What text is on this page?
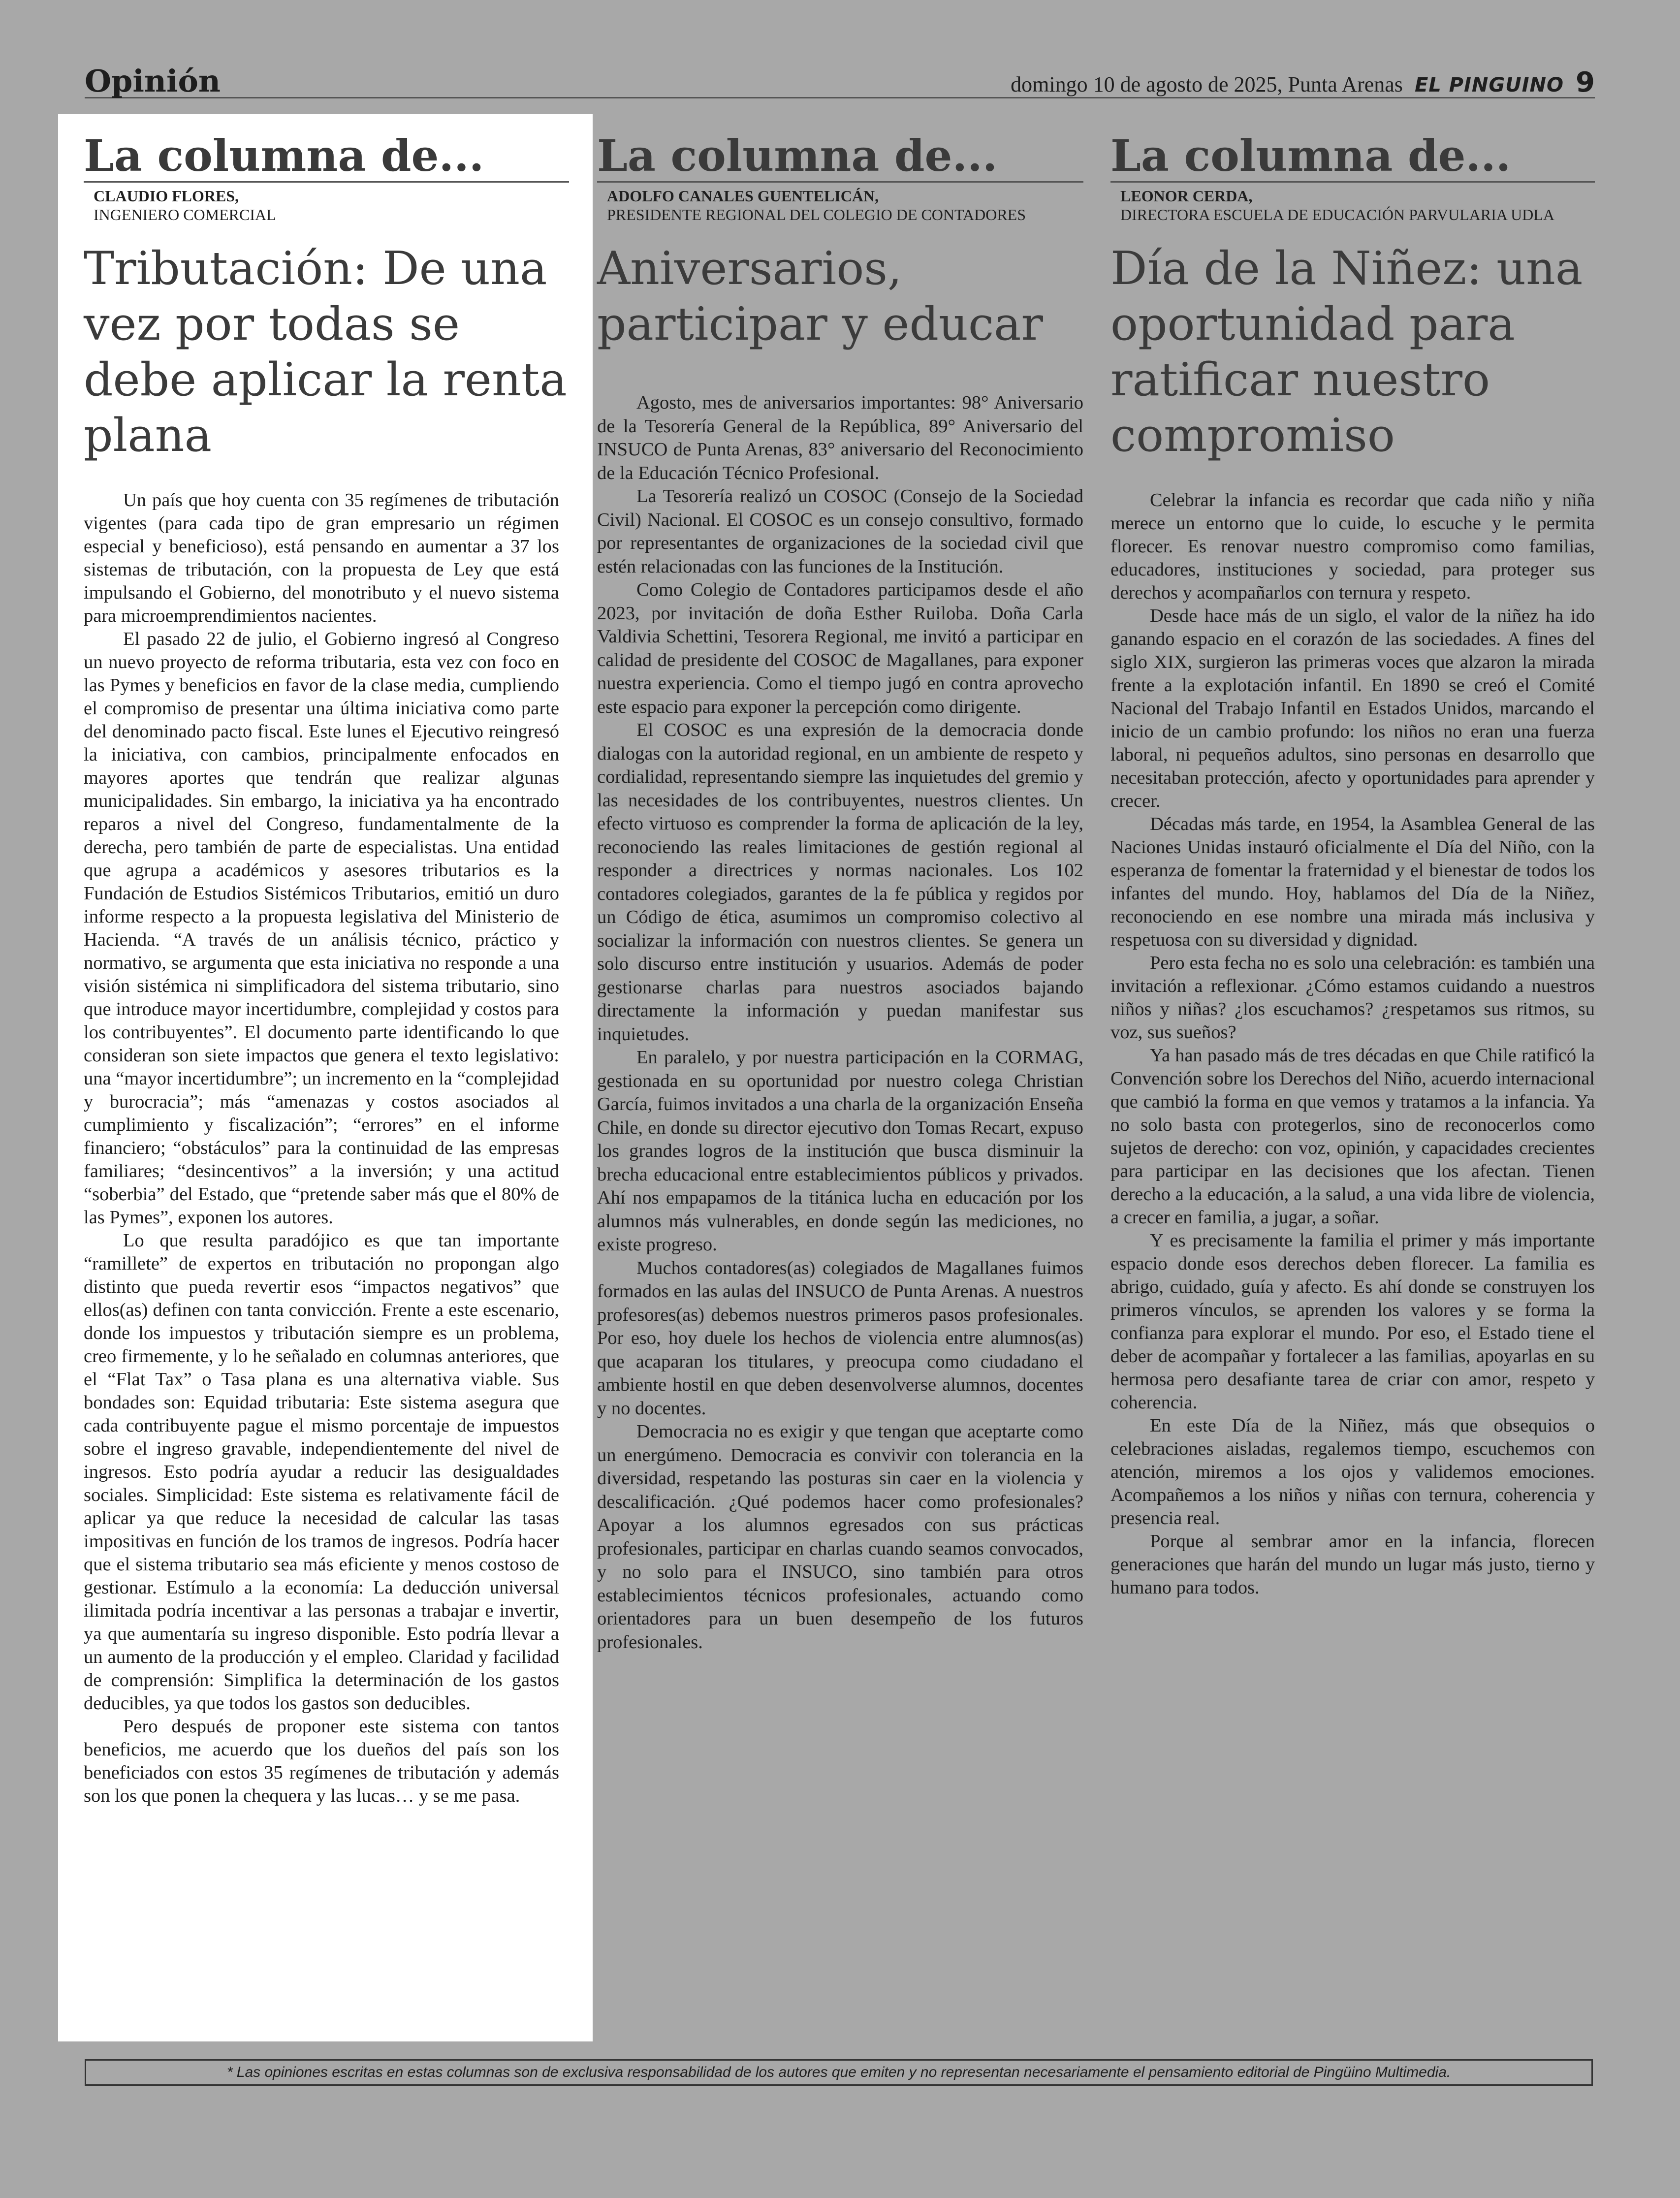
Opinión	domingo 10 de agosto de 2025, Punta Arenas EL PINGUINO 9
La columna de...
CLAUDIO FLORES,
INGENIERO COMERCIAL
Tributación: De una vez por todas se debe aplicar la renta plana

Un país que hoy cuenta con 35 regímenes de tributación vigentes (para cada tipo de gran empresario un régimen especial y beneficioso), está pensando en aumentar a 37 los sistemas de tributación, con la propuesta de Ley que está impulsando el Gobierno, del monotributo y el nuevo sistema para microemprendimientos nacientes.

El pasado 22 de julio, el Gobierno ingresó al Congreso un nuevo proyecto de reforma tributaria, esta vez con foco en las Pymes y beneficios en favor de la clase media, cumpliendo el compromiso de presentar una última iniciativa como parte del denominado pacto fiscal. Este lunes el Ejecutivo reingresó la iniciativa, con cambios, principalmente enfocados en mayores aportes que tendrán que realizar algunas municipalidades. Sin embargo, la iniciativa ya ha encontrado reparos a nivel del Congreso, fundamentalmente de la derecha, pero también de parte de especialistas. Una entidad que agrupa a académicos y asesores tributarios es la Fundación de Estudios Sistémicos Tributarios, emitió un duro informe respecto a la propuesta legislativa del Ministerio de Hacienda. “A través de un análisis técnico, práctico y normativo, se argumenta que esta iniciativa no responde a una visión sistémica ni simplificadora del sistema tributario, sino que introduce mayor incertidumbre, complejidad y costos para los contribuyentes”. El documento parte identificando lo que consideran son siete impactos que genera el texto legislativo: una “mayor incertidumbre”; un incremento en la “complejidad y burocracia”; más “amenazas y costos asociados al cumplimiento y fiscalización”; “errores” en el informe financiero; “obstáculos” para la continuidad de las empresas familiares; “desincentivos” a la inversión; y una actitud “soberbia” del Estado, que “pretende saber más que el 80% de las Pymes”, exponen los autores.

Lo que resulta paradójico es que tan importante “ramillete” de expertos en tributación no propongan algo distinto que pueda revertir esos “impactos negativos” que ellos(as) definen con tanta convicción. Frente a este escenario, donde los impuestos y tributación siempre es un problema, creo firmemente, y lo he señalado en columnas anteriores, que el “Flat Tax” o Tasa plana es una alternativa viable. Sus bondades son: Equidad tributaria: Este sistema asegura que cada contribuyente pague el mismo porcentaje de impuestos sobre el ingreso gravable, independientemente del nivel de ingresos. Esto podría ayudar a reducir las desigualdades sociales. Simplicidad: Este sistema es relativamente fácil de aplicar ya que reduce la necesidad de calcular las tasas impositivas en función de los tramos de ingresos. Podría hacer que el sistema tributario sea más eficiente y menos costoso de gestionar. Estímulo a la economía: La deducción universal ilimitada podría incentivar a las personas a trabajar e invertir, ya que aumentaría su ingreso disponible. Esto podría llevar a un aumento de la producción y el empleo. Claridad y facilidad de comprensión: Simplifica la determinación de los gastos deducibles, ya que todos los gastos son deducibles.

Pero después de proponer este sistema con tantos beneficios, me acuerdo que los dueños del país son los beneficiados con estos 35 regímenes de tributación y además son los que ponen la chequera y las lucas… y se me pasa.

La columna de...
ADOLFO CANALES GUENTELICÁN,
PRESIDENTE REGIONAL DEL COLEGIO DE CONTADORES
Aniversarios, participar y educar

Agosto, mes de aniversarios importantes: 98° Aniversario de la Tesorería General de la República, 89° Aniversario del INSUCO de Punta Arenas, 83° aniversario del Reconocimiento de la Educación Técnico Profesional.

La Tesorería realizó un COSOC (Consejo de la Sociedad Civil) Nacional. El COSOC es un consejo consultivo, formado por representantes de organizaciones de la sociedad civil que estén relacionadas con las funciones de la Institución.

Como Colegio de Contadores participamos desde el año 2023, por invitación de doña Esther Ruiloba. Doña Carla Valdivia Schettini, Tesorera Regional, me invitó a participar en calidad de presidente del COSOC de Magallanes, para exponer nuestra experiencia. Como el tiempo jugó en contra aprovecho este espacio para exponer la percepción como dirigente.

El COSOC es una expresión de la democracia donde dialogas con la autoridad regional, en un ambiente de respeto y cordialidad, representando siempre las inquietudes del gremio y las necesidades de los contribuyentes, nuestros clientes. Un efecto virtuoso es comprender la forma de aplicación de la ley, reconociendo las reales limitaciones de gestión regional al responder a directrices y normas nacionales. Los 102 contadores colegiados, garantes de la fe pública y regidos por un Código de ética, asumimos un compromiso colectivo al socializar la información con nuestros clientes. Se genera un solo discurso entre institución y usuarios. Además de poder gestionarse charlas para nuestros asociados bajando directamente la información y puedan manifestar sus inquietudes.

En paralelo, y por nuestra participación en la CORMAG, gestionada en su oportunidad por nuestro colega Christian García, fuimos invitados a una charla de la organización Enseña Chile, en donde su director ejecutivo don Tomas Recart, expuso los grandes logros de la institución que busca disminuir la brecha educacional entre establecimientos públicos y privados. Ahí nos empapamos de la titánica lucha en educación por los alumnos más vulnerables, en donde según las mediciones, no existe progreso.

Muchos contadores(as) colegiados de Magallanes fuimos formados en las aulas del INSUCO de Punta Arenas. A nuestros profesores(as) debemos nuestros primeros pasos profesionales. Por eso, hoy duele los hechos de violencia entre alumnos(as) que acaparan los titulares, y preocupa como ciudadano el ambiente hostil en que deben desenvolverse alumnos, docentes y no docentes.

Democracia no es exigir y que tengan que aceptarte como un energúmeno. Democracia es convivir con tolerancia en la diversidad, respetando las posturas sin caer en la violencia y descalificación. ¿Qué podemos hacer como profesionales? Apoyar a los alumnos egresados con sus prácticas profesionales, participar en charlas cuando seamos convocados, y no solo para el INSUCO, sino también para otros establecimientos técnicos profesionales, actuando como orientadores para un buen desempeño de los futuros profesionales.

La columna de...
LEONOR CERDA,
DIRECTORA ESCUELA DE EDUCACIÓN PARVULARIA UDLA
Día de la Niñez: una oportunidad para ratificar nuestro compromiso

Celebrar la infancia es recordar que cada niño y niña merece un entorno que lo cuide, lo escuche y le permita florecer. Es renovar nuestro compromiso como familias, educadores, instituciones y sociedad, para proteger sus derechos y acompañarlos con ternura y respeto.

Desde hace más de un siglo, el valor de la niñez ha ido ganando espacio en el corazón de las sociedades. A fines del siglo XIX, surgieron las primeras voces que alzaron la mirada frente a la explotación infantil. En 1890 se creó el Comité Nacional del Trabajo Infantil en Estados Unidos, marcando el inicio de un cambio profundo: los niños no eran una fuerza laboral, ni pequeños adultos, sino personas en desarrollo que necesitaban protección, afecto y oportunidades para aprender y crecer.

Décadas más tarde, en 1954, la Asamblea General de las Naciones Unidas instauró oficialmente el Día del Niño, con la esperanza de fomentar la fraternidad y el bienestar de todos los infantes del mundo. Hoy, hablamos del Día de la Niñez, reconociendo en ese nombre una mirada más inclusiva y respetuosa con su diversidad y dignidad.

Pero esta fecha no es solo una celebración: es también una invitación a reflexionar. ¿Cómo estamos cuidando a nuestros niños y niñas? ¿los escuchamos? ¿respetamos sus ritmos, su voz, sus sueños?

Ya han pasado más de tres décadas en que Chile ratificó la Convención sobre los Derechos del Niño, acuerdo internacional que cambió la forma en que vemos y tratamos a la infancia. Ya no solo basta con protegerlos, sino de reconocerlos como sujetos de derecho: con voz, opinión, y capacidades crecientes para participar en las decisiones que los afectan. Tienen derecho a la educación, a la salud, a una vida libre de violencia, a crecer en familia, a jugar, a soñar.

Y es precisamente la familia el primer y más importante espacio donde esos derechos deben florecer. La familia es abrigo, cuidado, guía y afecto. Es ahí donde se construyen los primeros vínculos, se aprenden los valores y se forma la confianza para explorar el mundo. Por eso, el Estado tiene el deber de acompañar y fortalecer a las familias, apoyarlas en su hermosa pero desafiante tarea de criar con amor, respeto y coherencia.

En este Día de la Niñez, más que obsequios o celebraciones aisladas, regalemos tiempo, escuchemos con atención, miremos a los ojos y validemos emociones. Acompañemos a los niños y niñas con ternura, coherencia y presencia real.

Porque al sembrar amor en la infancia, florecen generaciones que harán del mundo un lugar más justo, tierno y humano para todos.

* Las opiniones escritas en estas columnas son de exclusiva responsabilidad de los autores que emiten y no representan necesariamente el pensamiento editorial de Pingüino Multimedia.
